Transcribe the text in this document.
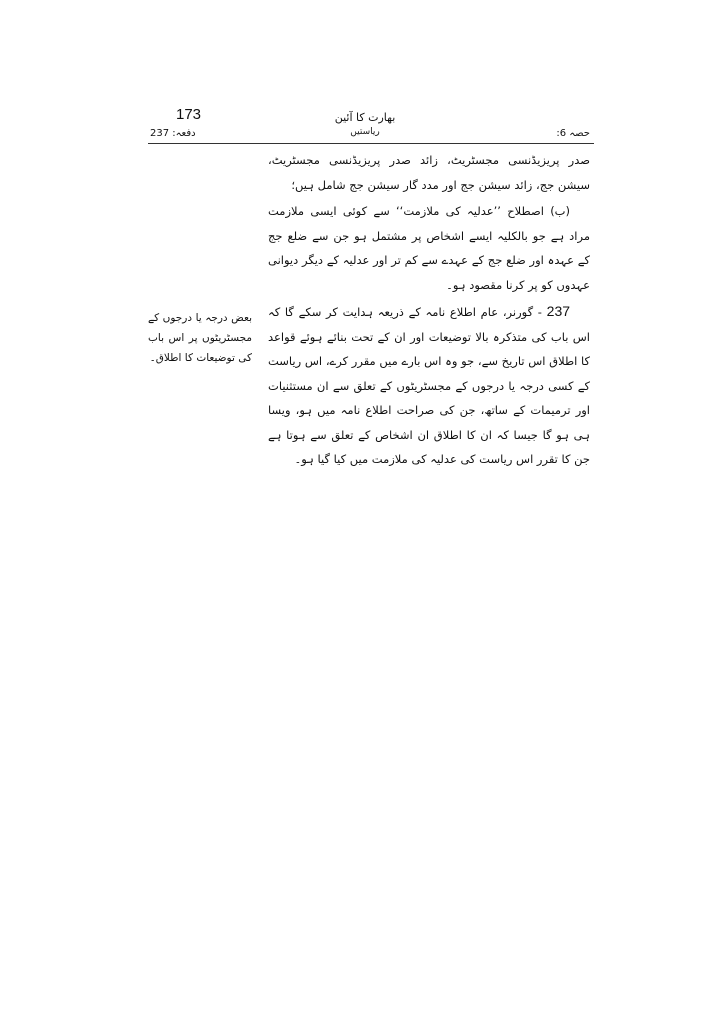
173	بھارت کا آئین
ریاستیں
دفعہ: 237	حصہ 6:

صدر پریزیڈنسی مجسٹریٹ، زائد صدر پریزیڈنسی مجسٹریٹ، سیشن جج، زائد سیشن جج اور مدد گار سیشن جج شامل ہیں؛

(ب) اصطلاح ’’عدلیہ کی ملازمت‘‘ سے کوئی ایسی ملازمت مراد ہے جو بالکلیہ ایسے اشخاص پر مشتمل ہو جن سے ضلع جج کے عہدہ اور ضلع جج کے عہدے سے کم تر اور عدلیہ کے دیگر دیوانی عہدوں کو پر کرنا مقصود ہو۔

237 - گورنر، عام اطلاع نامہ کے ذریعہ ہدایت کر سکے گا کہ اس باب کی متذکرہ بالا توضیعات اور ان کے تحت بنائے ہوئے قواعد کا اطلاق اس تاریخ سے، جو وہ اس بارے میں مقرر کرے، اس ریاست کے کسی درجہ یا درجوں کے مجسٹریٹوں کے تعلق سے ان مستثنیات اور ترمیمات کے ساتھ، جن کی صراحت اطلاع نامہ میں ہو، ویسا ہی ہو گا جیسا کہ ان کا اطلاق ان اشخاص کے تعلق سے ہوتا ہے جن کا تقرر اس ریاست کی عدلیہ کی ملازمت میں کیا گیا ہو۔

بعض درجہ یا درجوں کے مجسٹریٹوں پر اس باب کی توضیعات کا اطلاق۔
